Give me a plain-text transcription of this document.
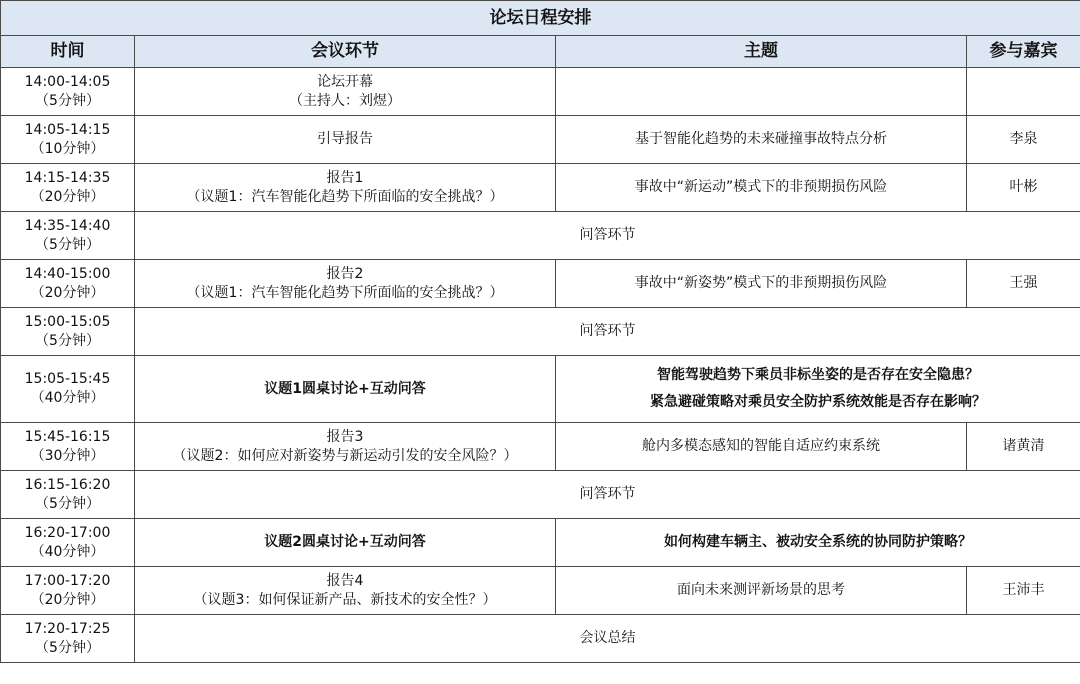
论坛日程安排			
时间	会议环节	主题	参与嘉宾

14:00-14:05
（5分钟）	论坛开幕
（主持人：刘煜）		

14:05-14:15
（10分钟）	引导报告	基于智能化趋势的未来碰撞事故特点分析	李泉

14:15-14:35
（20分钟）	报告1
（议题1：汽车智能化趋势下所面临的安全挑战？）	事故中“新运动”模式下的非预期损伤风险	叶彬

14:35-14:40
（5分钟）	问答环节		

14:40-15:00
（20分钟）	报告2
（议题1：汽车智能化趋势下所面临的安全挑战？）	事故中“新姿势”模式下的非预期损伤风险	王强

15:00-15:05
（5分钟）	问答环节		

15:05-15:45
（40分钟）	议题1圆桌讨论+互动问答	智能驾驶趋势下乘员非标坐姿的是否存在安全隐患？
紧急避碰策略对乘员安全防护系统效能是否存在影响？	

15:45-16:15
（30分钟）	报告3
（议题2：如何应对新姿势与新运动引发的安全风险？）	舱内多模态感知的智能自适应约束系统	诸黄清

16:15-16:20
（5分钟）	问答环节		

16:20-17:00
（40分钟）	议题2圆桌讨论+互动问答	如何构建车辆主、被动安全系统的协同防护策略？	

17:00-17:20
（20分钟）	报告4
（议题3：如何保证新产品、新技术的安全性？）	面向未来测评新场景的思考	王沛丰

17:20-17:25
（5分钟）	会议总结		
